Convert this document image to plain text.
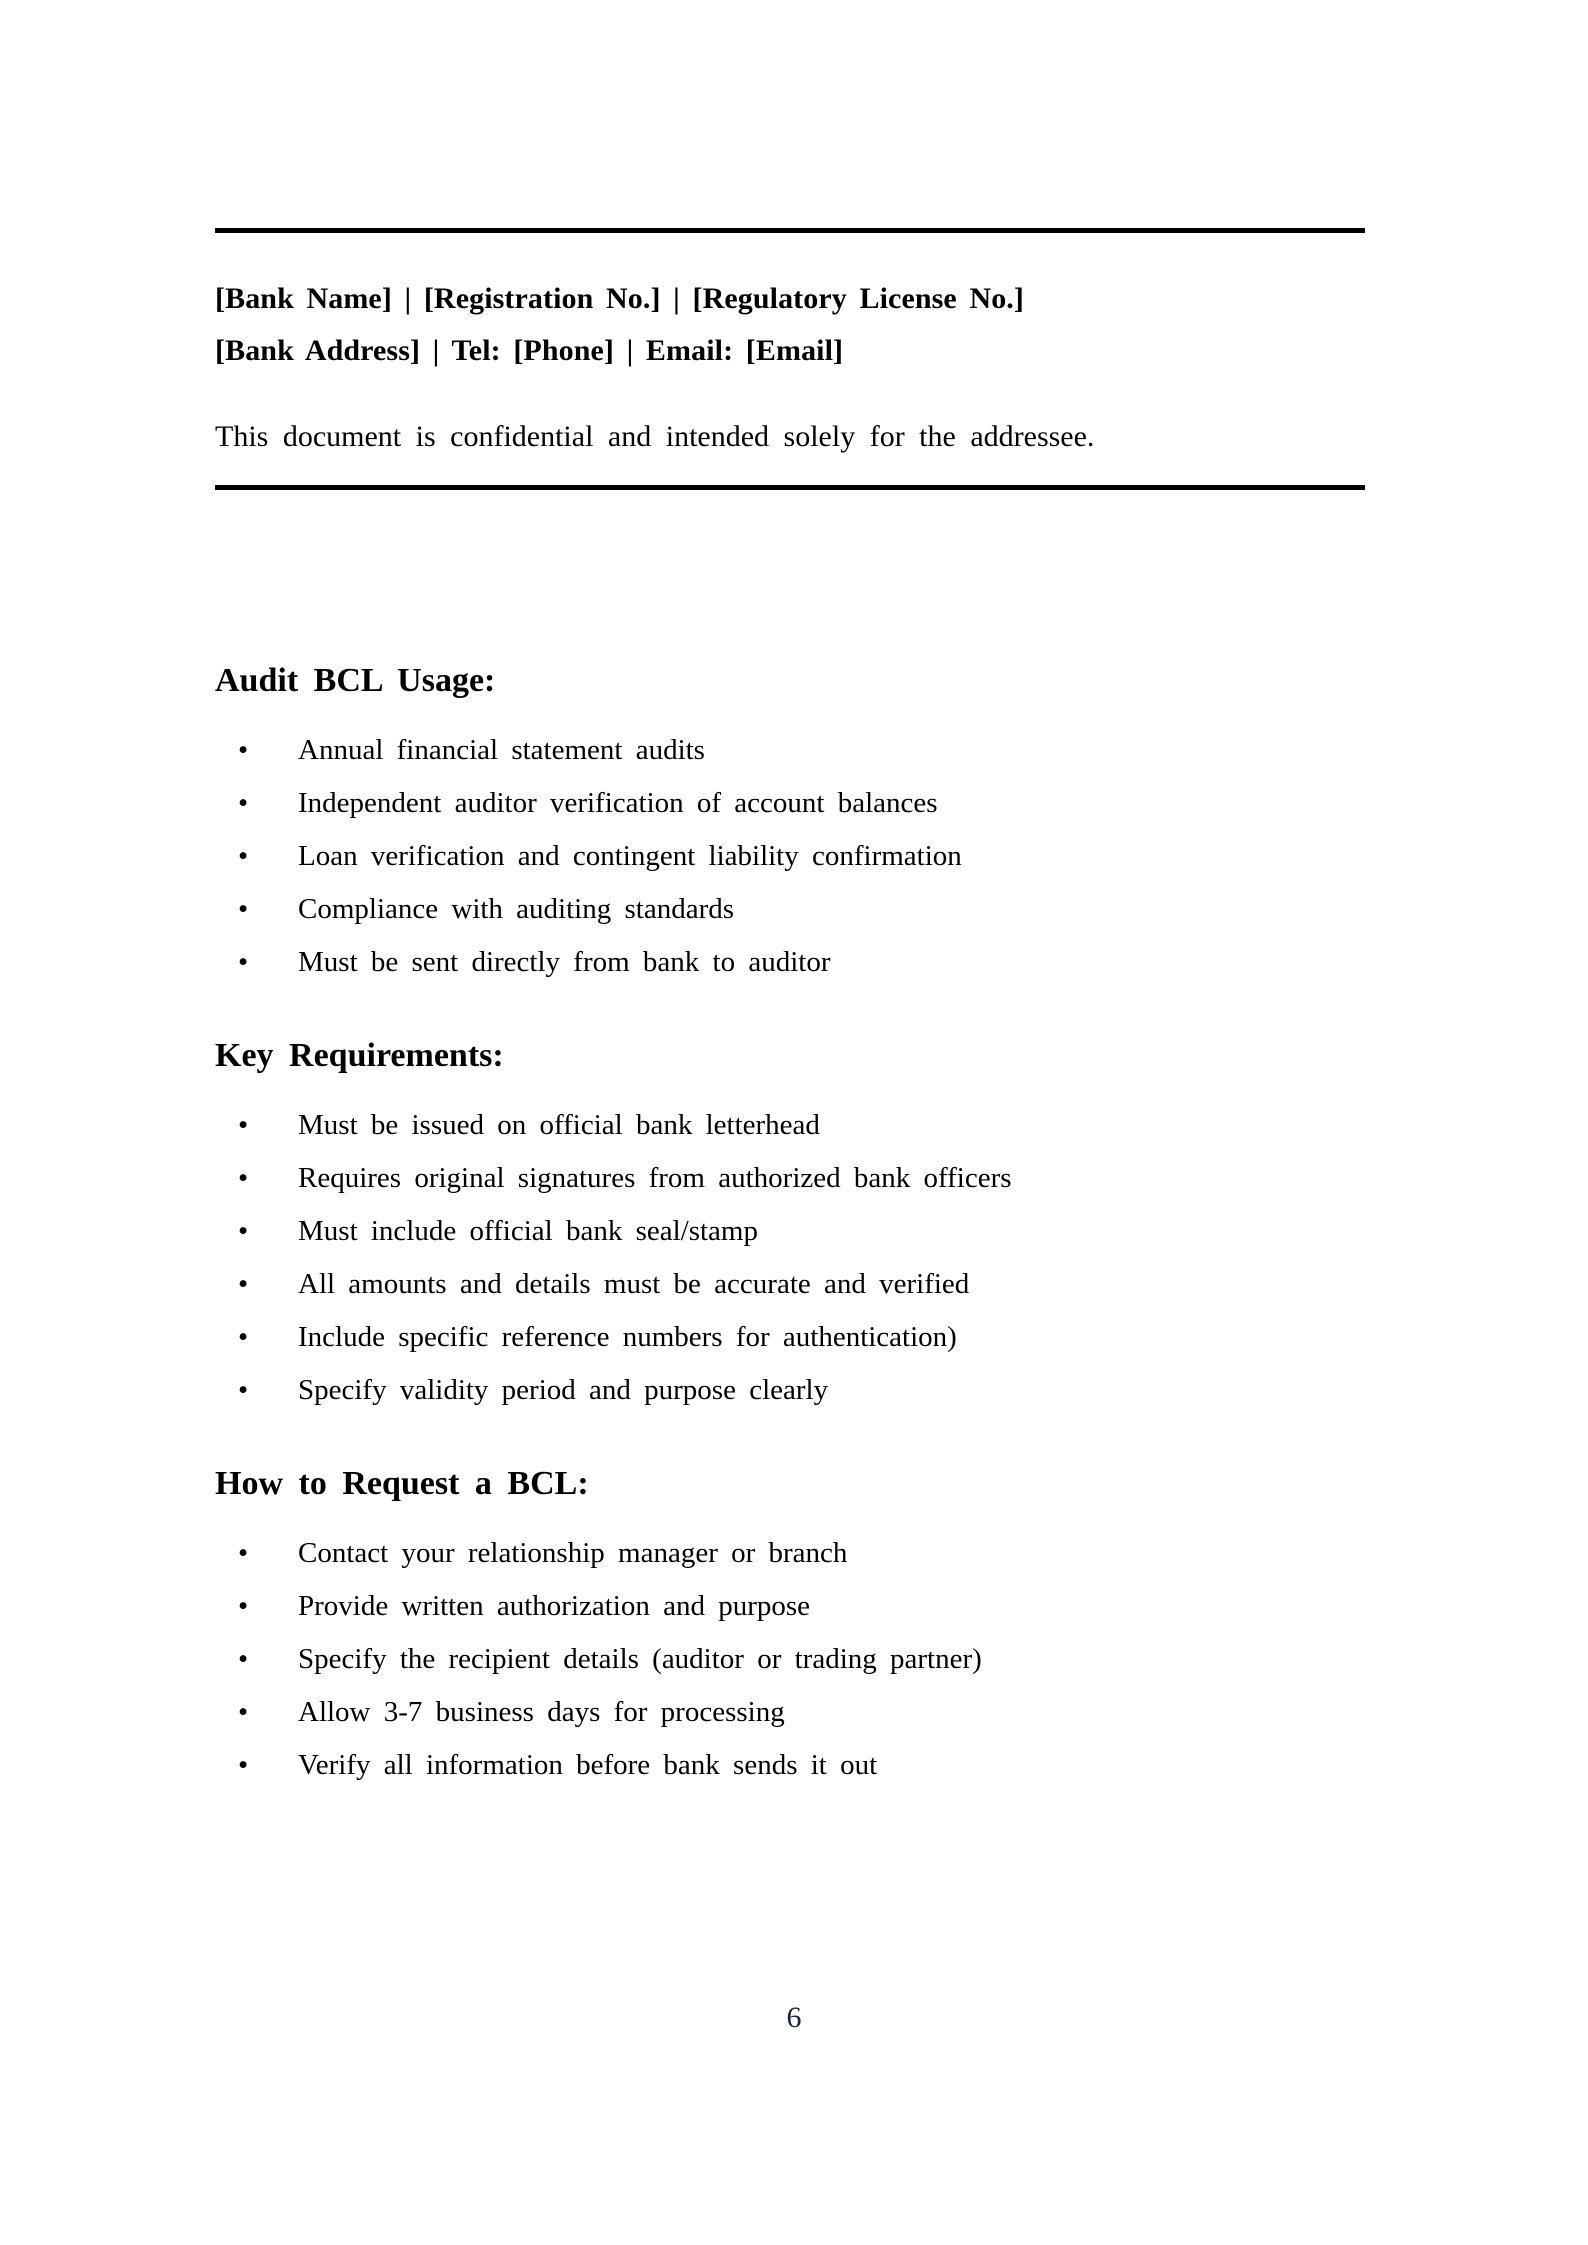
[Bank Name] | [Registration No.] | [Regulatory License No.]
[Bank Address] | Tel: [Phone] | Email: [Email]
This document is confidential and intended solely for the addressee.
Audit BCL Usage:
• Annual financial statement audits
• Independent auditor verification of account balances
• Loan verification and contingent liability confirmation
• Compliance with auditing standards
• Must be sent directly from bank to auditor
Key Requirements:
• Must be issued on official bank letterhead
• Requires original signatures from authorized bank officers
• Must include official bank seal/stamp
• All amounts and details must be accurate and verified
• Include specific reference numbers for authentication)
• Specify validity period and purpose clearly
How to Request a BCL:
• Contact your relationship manager or branch
• Provide written authorization and purpose
• Specify the recipient details (auditor or trading partner)
• Allow 3-7 business days for processing
• Verify all information before bank sends it out
6
